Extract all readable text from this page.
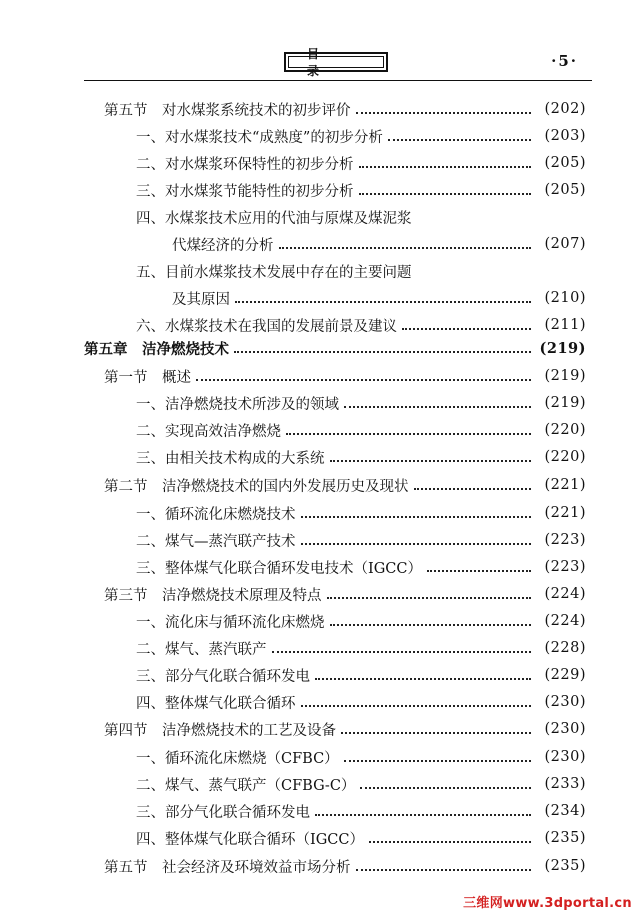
目　录
·5·
第五节　对水煤浆系统技术的初步评价	(202)
一、对水煤浆技术“成熟度”的初步分析	(203)
二、对水煤浆环保特性的初步分析	(205)
三、对水煤浆节能特性的初步分析	(205)
四、水煤浆技术应用的代油与原煤及煤泥浆
代煤经济的分析	(207)
五、目前水煤浆技术发展中存在的主要问题
及其原因	(210)
六、水煤浆技术在我国的发展前景及建议	(211)
第五章　洁净燃烧技术	(219)
第一节　概述	(219)
一、洁净燃烧技术所涉及的领域	(219)
二、实现高效洁净燃烧	(220)
三、由相关技术构成的大系统	(220)
第二节　洁净燃烧技术的国内外发展历史及现状	(221)
一、循环流化床燃烧技术	(221)
二、煤气—蒸汽联产技术	(223)
三、整体煤气化联合循环发电技术（IGCC）	(223)
第三节　洁净燃烧技术原理及特点	(224)
一、流化床与循环流化床燃烧	(224)
二、煤气、蒸汽联产	(228)
三、部分气化联合循环发电	(229)
四、整体煤气化联合循环	(230)
第四节　洁净燃烧技术的工艺及设备	(230)
一、循环流化床燃烧（CFBC）	(230)
二、煤气、蒸气联产（CFBG-C）	(233)
三、部分气化联合循环发电	(234)
四、整体煤气化联合循环（IGCC）	(235)
第五节　社会经济及环境效益市场分析	(235)
三维网www.3dportal.cn
